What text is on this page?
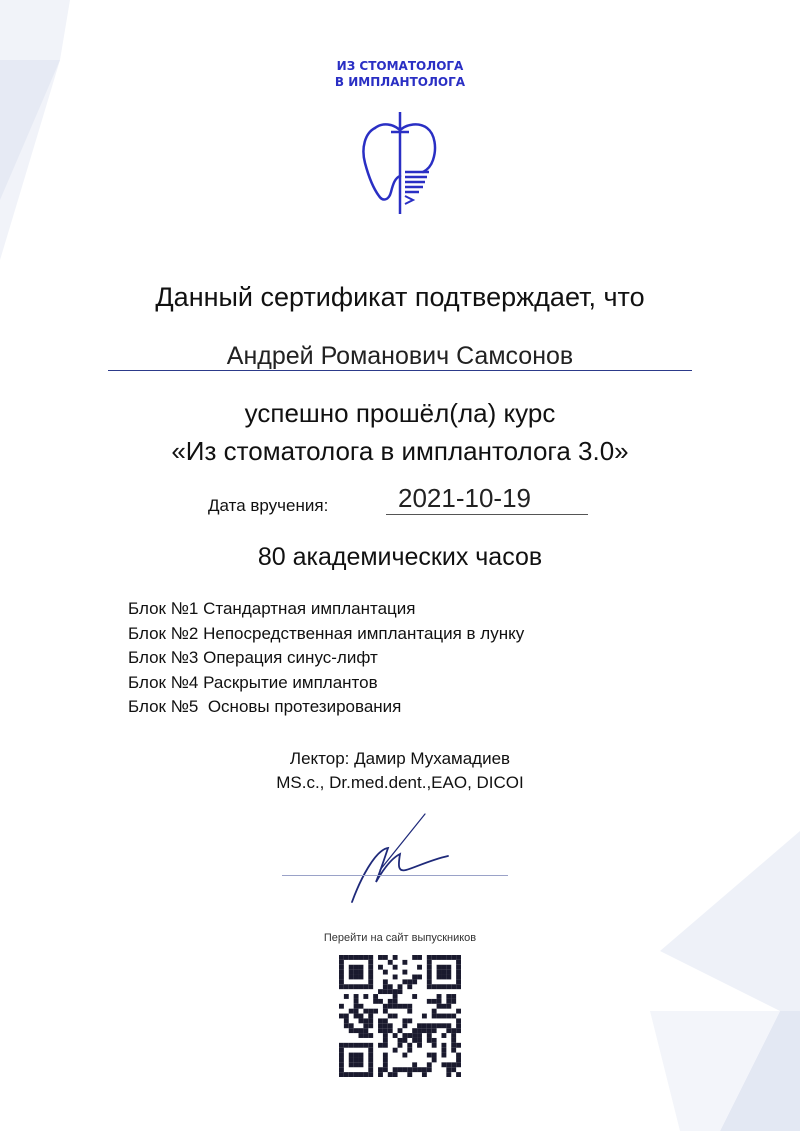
ИЗ СТОМАТОЛОГА
В ИМПЛАНТОЛОГА
Данный сертификат подтверждает, что
Андрей Романович Самсонов
успешно прошёл(ла) курс
«Из стоматолога в имплантолога 3.0»
Дата вручения:	2021-10-19
80 академических часов
Блок №1 Стандартная имплантация
Блок №2 Непосредственная имплантация в лунку
Блок №3 Операция синус-лифт
Блок №4 Раскрытие имплантов
Блок №5  Основы протезирования
Лектор: Дамир Мухамадиев
MS.c., Dr.med.dent.,EAO, DICOI
Перейти на сайт выпускников
